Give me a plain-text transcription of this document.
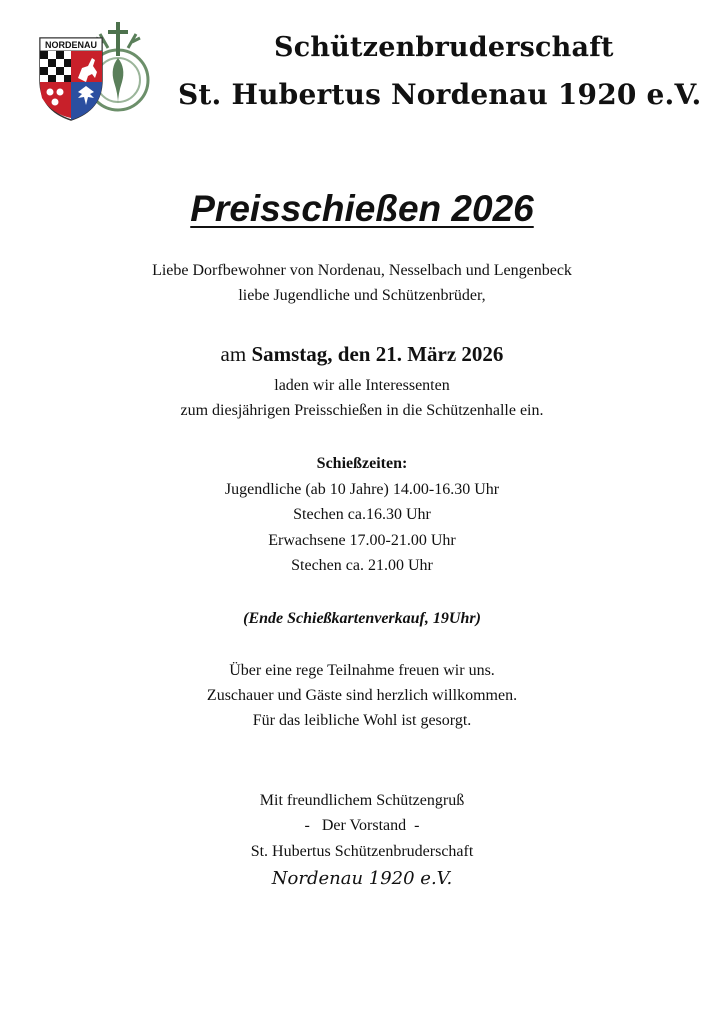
NORDENAU	Schützenbruderschaft
St. Hubertus Nordenau 1920 e.V.
Preisschießen 2026
Liebe Dorfbewohner von Nordenau, Nesselbach und Lengenbeck
liebe Jugendliche und Schützenbrüder,
am Samstag, den 21. März 2026
laden wir alle Interessenten
zum diesjährigen Preisschießen in die Schützenhalle ein.
Schießzeiten:
Jugendliche (ab 10 Jahre) 14.00-16.30 Uhr
Stechen ca.16.30 Uhr
Erwachsene 17.00-21.00 Uhr
Stechen ca. 21.00 Uhr
(Ende Schießkartenverkauf, 19Uhr)
Über eine rege Teilnahme freuen wir uns.
Zuschauer und Gäste sind herzlich willkommen.
Für das leibliche Wohl ist gesorgt.
Mit freundlichem Schützengruß
-   Der Vorstand  -
St. Hubertus Schützenbruderschaft
Nordenau 1920 e.V.
